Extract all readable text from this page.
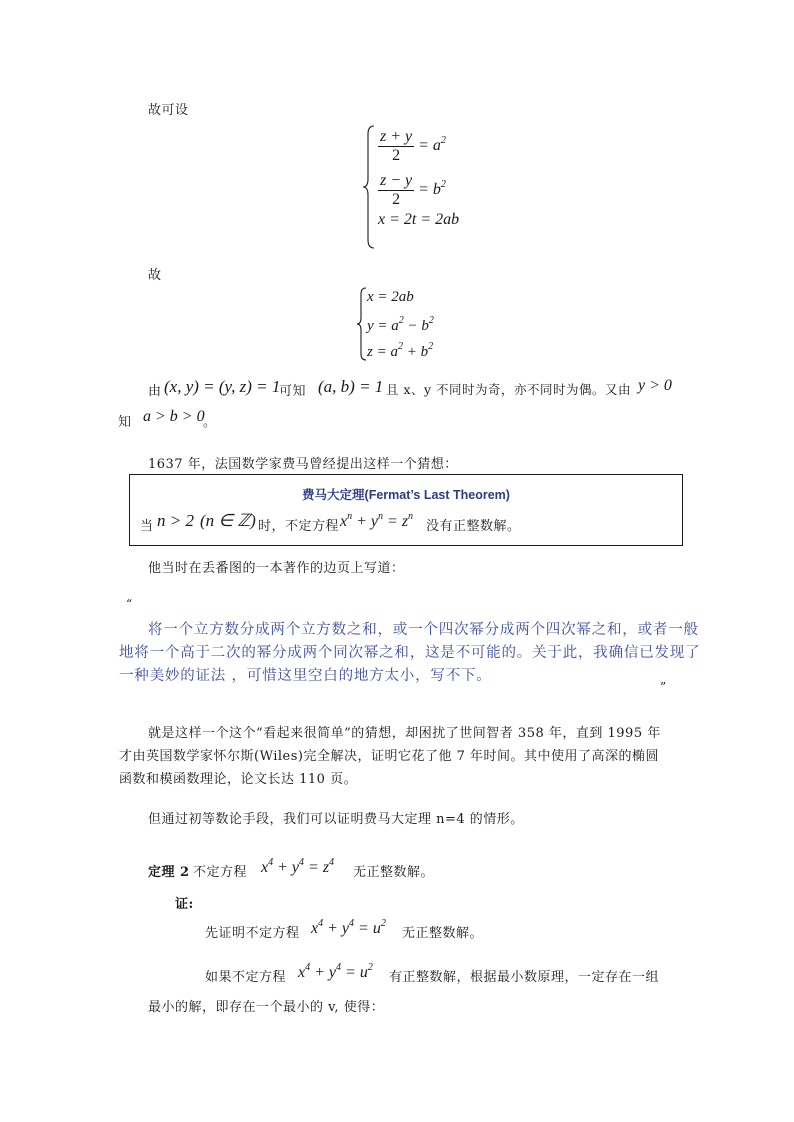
故可设
$\frac{z + y}{2} = a^2$
$\frac{z - y}{2} = b^2$
x = 2t = 2ab
故
x = 2ab
$y = a^2 - b^2$
$z = a^2 + b^2$
由 (x, y) = (y, z) = 1
可知 (a, b) = 1 且 x、y 不同时为奇，亦不同时为偶。又由 y > 0
知 a > b > 0
。
1637 年，法国数学家费马曾经提出这样一个猜想：
费马大定理(Fermat’s Last Theorem)
当 n > 2 (n ∈ ℤ) 时，不定方程 $x^n + y^n = z^n$
没有正整数解。
他当时在丢番图的一本著作的边页上写道：
“
将一个立方数分成两个立方数之和，或一个四次幂分成两个四次幂之和，或者一般
地将一个高于二次的幂分成两个同次幂之和，这是不可能的。关于此，我确信已发现了
一种美妙的证法 ，可惜这里空白的地方太小，写不下。
”
就是这样一个这个“看起来很简单”的猜想，却困扰了世间智者 358 年，直到 1995 年
才由英国数学家怀尔斯(Wiles)完全解决，证明它花了他 7 年时间。其中使用了高深的椭圆
函数和模函数理论，论文长达 110 页。
但通过初等数论手段，我们可以证明费马大定理 n=4 的情形。
定理 2 不定方程 $x^4 + y^4 = z^4$
无正整数解。
证:
先证明不定方程 $x^4 + y^4 = u^2$
无正整数解。
如果不定方程 $x^4 + y^4 = u^2$
有正整数解，根据最小数原理，一定存在一组
最小的解，即存在一个最小的 v, 使得：
